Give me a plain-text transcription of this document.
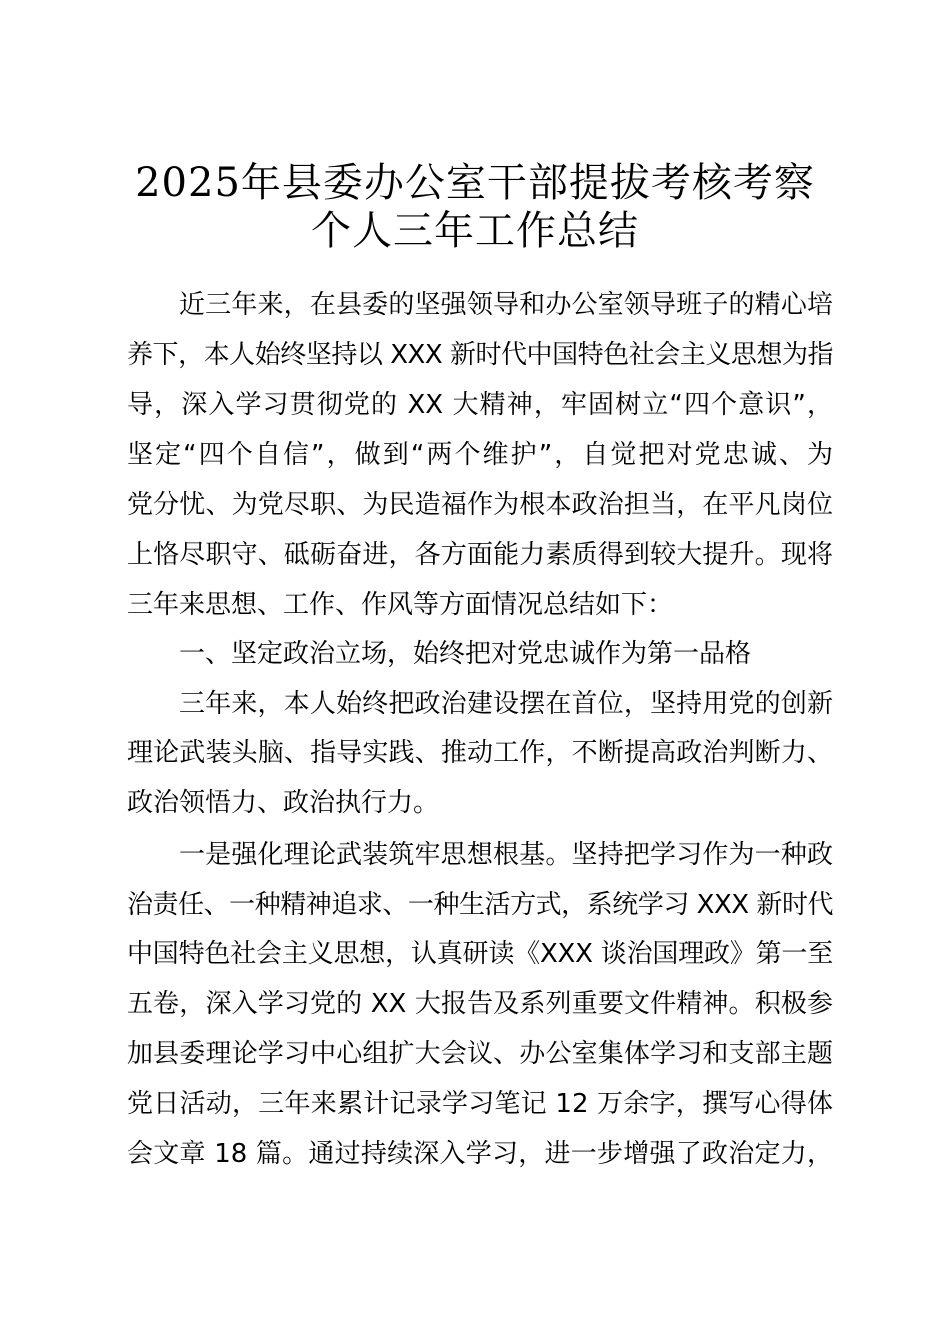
2025年县委办公室干部提拔考核考察
个人三年工作总结
近三年来，在县委的坚强领导和办公室领导班子的精心培
养下，本人始终坚持以 XXX 新时代中国特色社会主义思想为指
导，深入学习贯彻党的 XX 大精神，牢固树立“四个意识”，
坚定“四个自信”，做到“两个维护”，自觉把对党忠诚、为
党分忧、为党尽职、为民造福作为根本政治担当，在平凡岗位
上恪尽职守、砥砺奋进，各方面能力素质得到较大提升。现将
三年来思想、工作、作风等方面情况总结如下：
一、坚定政治立场，始终把对党忠诚作为第一品格
三年来，本人始终把政治建设摆在首位，坚持用党的创新
理论武装头脑、指导实践、推动工作，不断提高政治判断力、
政治领悟力、政治执行力。
一是强化理论武装筑牢思想根基。坚持把学习作为一种政
治责任、一种精神追求、一种生活方式，系统学习 XXX 新时代
中国特色社会主义思想，认真研读《XXX 谈治国理政》第一至
五卷，深入学习党的 XX 大报告及系列重要文件精神。积极参
加县委理论学习中心组扩大会议、办公室集体学习和支部主题
党日活动，三年来累计记录学习笔记 12 万余字，撰写心得体
会文章 18 篇。通过持续深入学习，进一步增强了政治定力，
